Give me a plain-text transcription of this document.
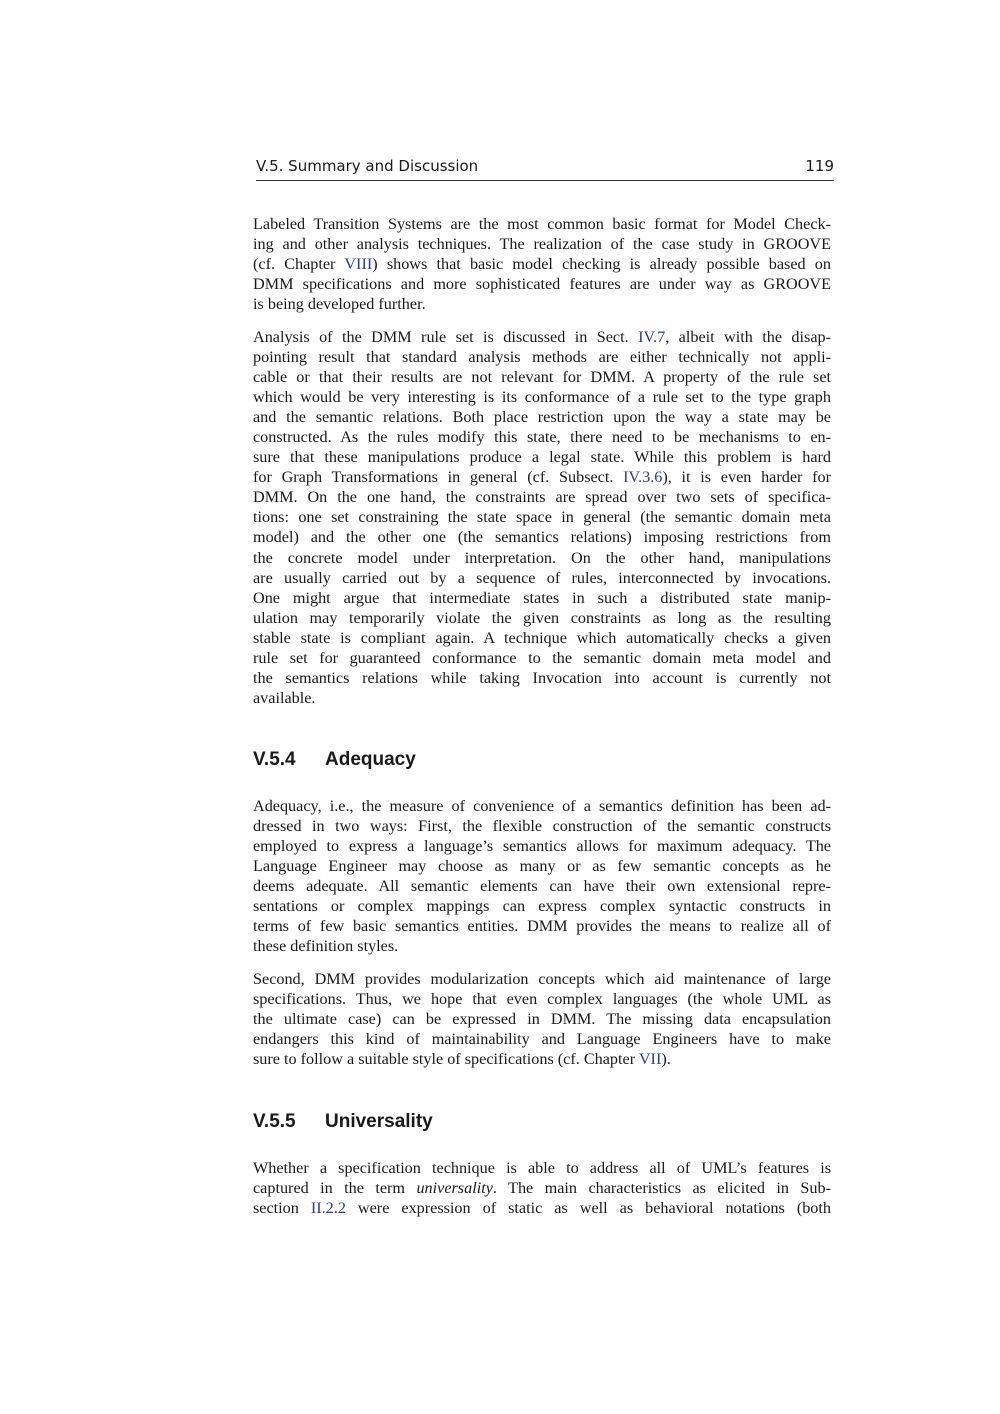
V.5. Summary and Discussion	119
Labeled Transition Systems are the most common basic format for Model Check-
ing and other analysis techniques. The realization of the case study in GROOVE
(cf. Chapter VIII) shows that basic model checking is already possible based on
DMM specifications and more sophisticated features are under way as GROOVE
is being developed further.
Analysis of the DMM rule set is discussed in Sect. IV.7, albeit with the disap-
pointing result that standard analysis methods are either technically not appli-
cable or that their results are not relevant for DMM. A property of the rule set
which would be very interesting is its conformance of a rule set to the type graph
and the semantic relations. Both place restriction upon the way a state may be
constructed. As the rules modify this state, there need to be mechanisms to en-
sure that these manipulations produce a legal state. While this problem is hard
for Graph Transformations in general (cf. Subsect. IV.3.6), it is even harder for
DMM. On the one hand, the constraints are spread over two sets of specifica-
tions: one set constraining the state space in general (the semantic domain meta
model) and the other one (the semantics relations) imposing restrictions from
the concrete model under interpretation. On the other hand, manipulations
are usually carried out by a sequence of rules, interconnected by invocations.
One might argue that intermediate states in such a distributed state manip-
ulation may temporarily violate the given constraints as long as the resulting
stable state is compliant again. A technique which automatically checks a given
rule set for guaranteed conformance to the semantic domain meta model and
the semantics relations while taking Invocation into account is currently not
available.
V.5.4 Adequacy
Adequacy, i.e., the measure of convenience of a semantics definition has been ad-
dressed in two ways: First, the flexible construction of the semantic constructs
employed to express a language’s semantics allows for maximum adequacy. The
Language Engineer may choose as many or as few semantic concepts as he
deems adequate. All semantic elements can have their own extensional repre-
sentations or complex mappings can express complex syntactic constructs in
terms of few basic semantics entities. DMM provides the means to realize all of
these definition styles.
Second, DMM provides modularization concepts which aid maintenance of large
specifications. Thus, we hope that even complex languages (the whole UML as
the ultimate case) can be expressed in DMM. The missing data encapsulation
endangers this kind of maintainability and Language Engineers have to make
sure to follow a suitable style of specifications (cf. Chapter VII).
V.5.5 Universality
Whether a specification technique is able to address all of UML’s features is
captured in the term universality. The main characteristics as elicited in Sub-
section II.2.2 were expression of static as well as behavioral notations (both
